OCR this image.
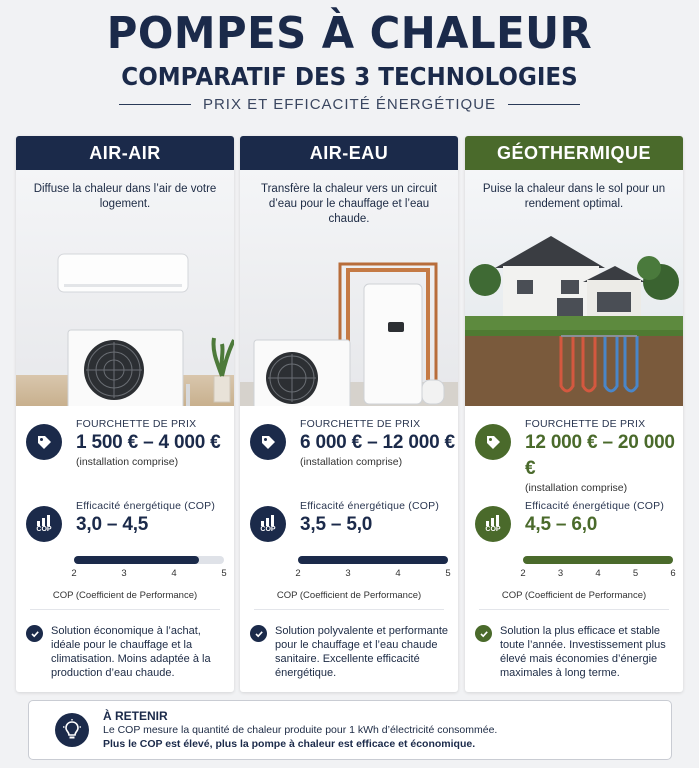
POMPES À CHALEUR
COMPARATIF DES 3 TECHNOLOGIES
PRIX ET EFFICACITÉ ÉNERGÉTIQUE
AIR-AIR
Diffuse la chaleur dans l’air de votre logement.
FOURCHETTE DE PRIX
1 500 € – 4 000 €
(installation comprise)
COP
Efficacité énergétique (COP)
3,0 – 4,5
2	3	4	5
COP (Coefficient de Performance)
Solution économique à l’achat, idéale pour le chauffage et la climatisation. Moins adaptée à la production d’eau chaude.
AIR-EAU
Transfère la chaleur vers un circuit d’eau pour le chauffage et l’eau chaude.
FOURCHETTE DE PRIX
6 000 € – 12 000 €
(installation comprise)
COP
Efficacité énergétique (COP)
3,5 – 5,0
2	3	4	5
COP (Coefficient de Performance)
Solution polyvalente et performante pour le chauffage et l’eau chaude sanitaire. Excellente efficacité énergétique.
GÉOTHERMIQUE
Puise la chaleur dans le sol pour un rendement optimal.
FOURCHETTE DE PRIX
12 000 € – 20 000 €
(installation comprise)
COP
Efficacité énergétique (COP)
4,5 – 6,0
2	3	4	5	6
COP (Coefficient de Performance)
Solution la plus efficace et stable toute l’année. Investissement plus élevé mais économies d’énergie maximales à long terme.
À RETENIR
Le COP mesure la quantité de chaleur produite pour 1 kWh d’électricité consommée.
Plus le COP est élevé, plus la pompe à chaleur est efficace et économique.
